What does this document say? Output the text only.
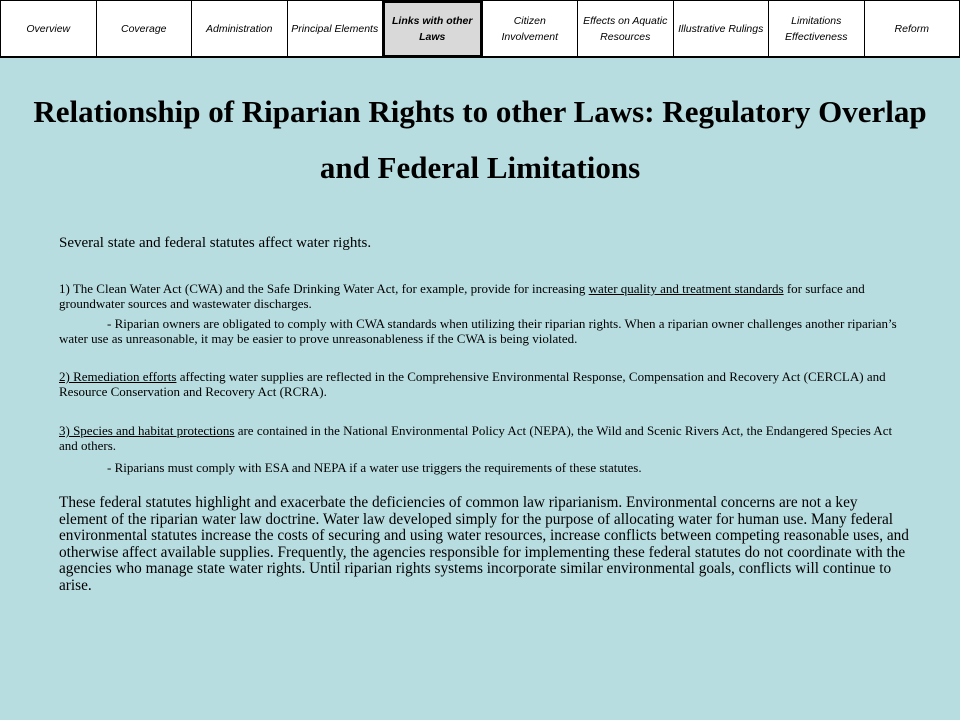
Overview	Coverage	Administration	Principal Elements
Links with other Laws
Citizen Involvement
Effects on Aquatic Resources
Illustrative Rulings
Limitations Effectiveness
Reform
Relationship of Riparian Rights to other Laws: Regulatory Overlap and Federal Limitations

Several state and federal statutes affect water rights.

1) The Clean Water Act (CWA) and the Safe Drinking Water Act, for example, provide for increasing water quality and treatment standards for surface and groundwater sources and wastewater discharges.

- Riparian owners are obligated to comply with CWA standards when utilizing their riparian rights. When a riparian owner challenges another riparian’s water use as unreasonable, it may be easier to prove unreasonableness if the CWA is being violated.

2) Remediation efforts affecting water supplies are reflected in the Comprehensive Environmental Response, Compensation and Recovery Act (CERCLA) and Resource Conservation and Recovery Act (RCRA).

3) Species and habitat protections are contained in the National Environmental Policy Act (NEPA), the Wild and Scenic Rivers Act, the Endangered Species Act and others.

- Riparians must comply with ESA and NEPA if a water use triggers the requirements of these statutes.

These federal statutes highlight and exacerbate the deficiencies of common law riparianism. Environmental concerns are not a key element of the riparian water law doctrine. Water law developed simply for the purpose of allocating water for human use. Many federal environmental statutes increase the costs of securing and using water resources, increase conflicts between competing reasonable uses, and otherwise affect available supplies. Frequently, the agencies responsible for implementing these federal statutes do not coordinate with the agencies who manage state water rights. Until riparian rights systems incorporate similar environmental goals, conflicts will continue to arise.
